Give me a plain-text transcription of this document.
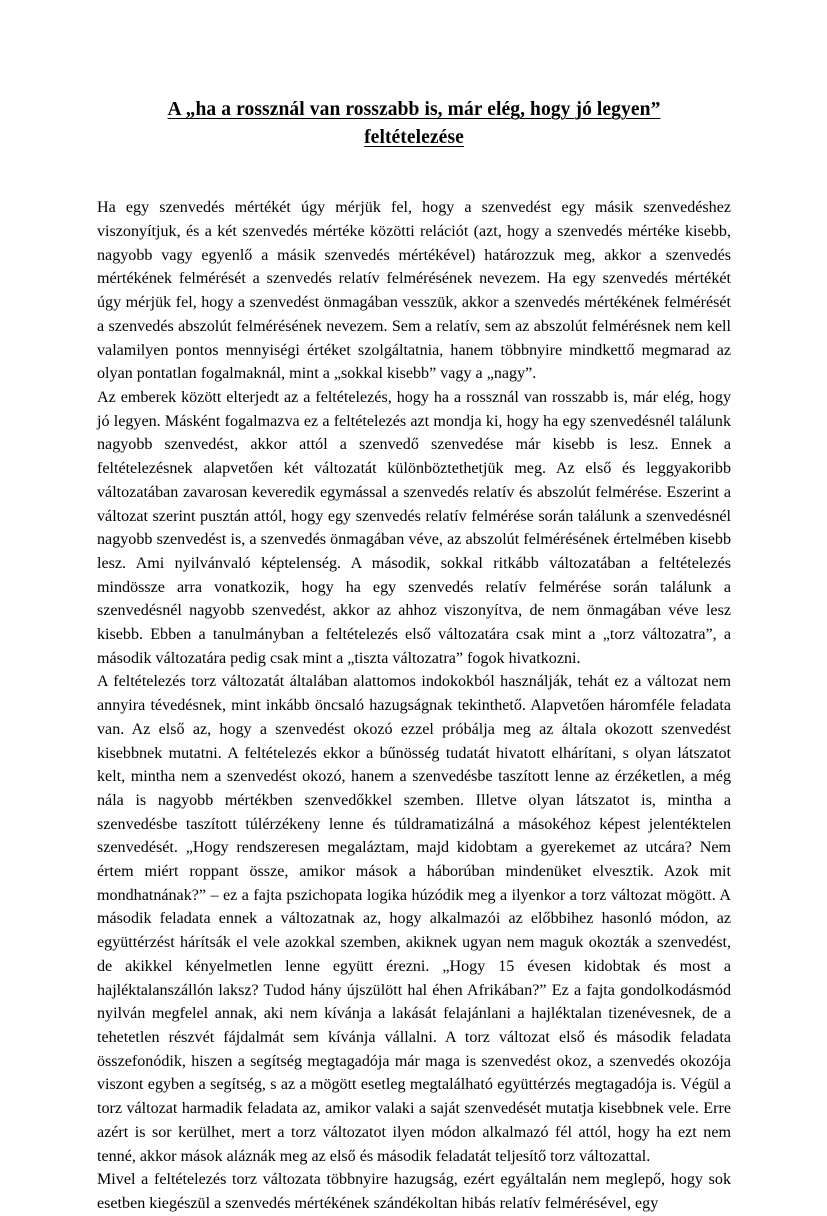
A „ha a rossznál van rosszabb is, már elég, hogy jó legyen”
feltételezése

Ha egy szenvedés mértékét úgy mérjük fel, hogy a szenvedést egy másik szenvedéshez viszonyítjuk, és a két szenvedés mértéke közötti relációt (azt, hogy a szenvedés mértéke kisebb, nagyobb vagy egyenlő a másik szenvedés mértékével) határozzuk meg, akkor a szenvedés mértékének felmérését a szenvedés relatív felmérésének nevezem. Ha egy szenvedés mértékét úgy mérjük fel, hogy a szenvedést önmagában vesszük, akkor a szenvedés mértékének felmérését a szenvedés abszolút felmérésének nevezem. Sem a relatív, sem az abszolút felmérésnek nem kell valamilyen pontos mennyiségi értéket szolgáltatnia, hanem többnyire mindkettő megmarad az olyan pontatlan fogalmaknál, mint a „sokkal kisebb” vagy a „nagy”.

Az emberek között elterjedt az a feltételezés, hogy ha a rossznál van rosszabb is, már elég, hogy jó legyen. Másként fogalmazva ez a feltételezés azt mondja ki, hogy ha egy szenvedésnél találunk nagyobb szenvedést, akkor attól a szenvedő szenvedése már kisebb is lesz. Ennek a feltételezésnek alapvetően két változatát különböztethetjük meg. Az első és leggyakoribb változatában zavarosan keveredik egymással a szenvedés relatív és abszolút felmérése. Eszerint a változat szerint pusztán attól, hogy egy szenvedés relatív felmérése során találunk a szenvedésnél nagyobb szenvedést is, a szenvedés önmagában véve, az abszolút felmérésének értelmében kisebb lesz. Ami nyilvánvaló képtelenség. A második, sokkal ritkább változatában a feltételezés mindössze arra vonatkozik, hogy ha egy szenvedés relatív felmérése során találunk a szenvedésnél nagyobb szenvedést, akkor az ahhoz viszonyítva, de nem önmagában véve lesz kisebb. Ebben a tanulmányban a feltételezés első változatára csak mint a „torz változatra”, a második változatára pedig csak mint a „tiszta változatra” fogok hivatkozni.

A feltételezés torz változatát általában alattomos indokokból használják, tehát ez a változat nem annyira tévedésnek, mint inkább öncsaló hazugságnak tekinthető. Alapvetően háromféle feladata van. Az első az, hogy a szenvedést okozó ezzel próbálja meg az általa okozott szenvedést kisebbnek mutatni. A feltételezés ekkor a bűnösség tudatát hivatott elhárítani, s olyan látszatot kelt, mintha nem a szenvedést okozó, hanem a szenvedésbe taszított lenne az érzéketlen, a még nála is nagyobb mértékben szenvedőkkel szemben. Illetve olyan látszatot is, mintha a szenvedésbe taszított túlérzékeny lenne és túldramatizálná a másokéhoz képest jelentéktelen szenvedését. „Hogy rendszeresen megaláztam, majd kidobtam a gyerekemet az utcára? Nem értem miért roppant össze, amikor mások a háborúban mindenüket elvesztik. Azok mit mondhatnának?” – ez a fajta pszichopata logika húzódik meg a ilyenkor a torz változat mögött. A második feladata ennek a változatnak az, hogy alkalmazói az előbbihez hasonló módon, az együttérzést hárítsák el vele azokkal szemben, akiknek ugyan nem maguk okozták a szenvedést, de akikkel kényelmetlen lenne együtt érezni. „Hogy 15 évesen kidobtak és most a hajléktalanszállón laksz? Tudod hány újszülött hal éhen Afrikában?” Ez a fajta gondolkodásmód nyilván megfelel annak, aki nem kívánja a lakását felajánlani a hajléktalan tizenévesnek, de a tehetetlen részvét fájdalmát sem kívánja vállalni. A torz változat első és második feladata összefonódik, hiszen a segítség megtagadója már maga is szenvedést okoz, a szenvedés okozója viszont egyben a segítség, s az a mögött esetleg megtalálható együttérzés megtagadója is. Végül a torz változat harmadik feladata az, amikor valaki a saját szenvedését mutatja kisebbnek vele. Erre azért is sor kerülhet, mert a torz változatot ilyen módon alkalmazó fél attól, hogy ha ezt nem tenné, akkor mások aláznák meg az első és második feladatát teljesítő torz változattal.

Mivel a feltételezés torz változata többnyire hazugság, ezért egyáltalán nem meglepő, hogy sok esetben kiegészül a szenvedés mértékének szándékoltan hibás relatív felmérésével, egy
